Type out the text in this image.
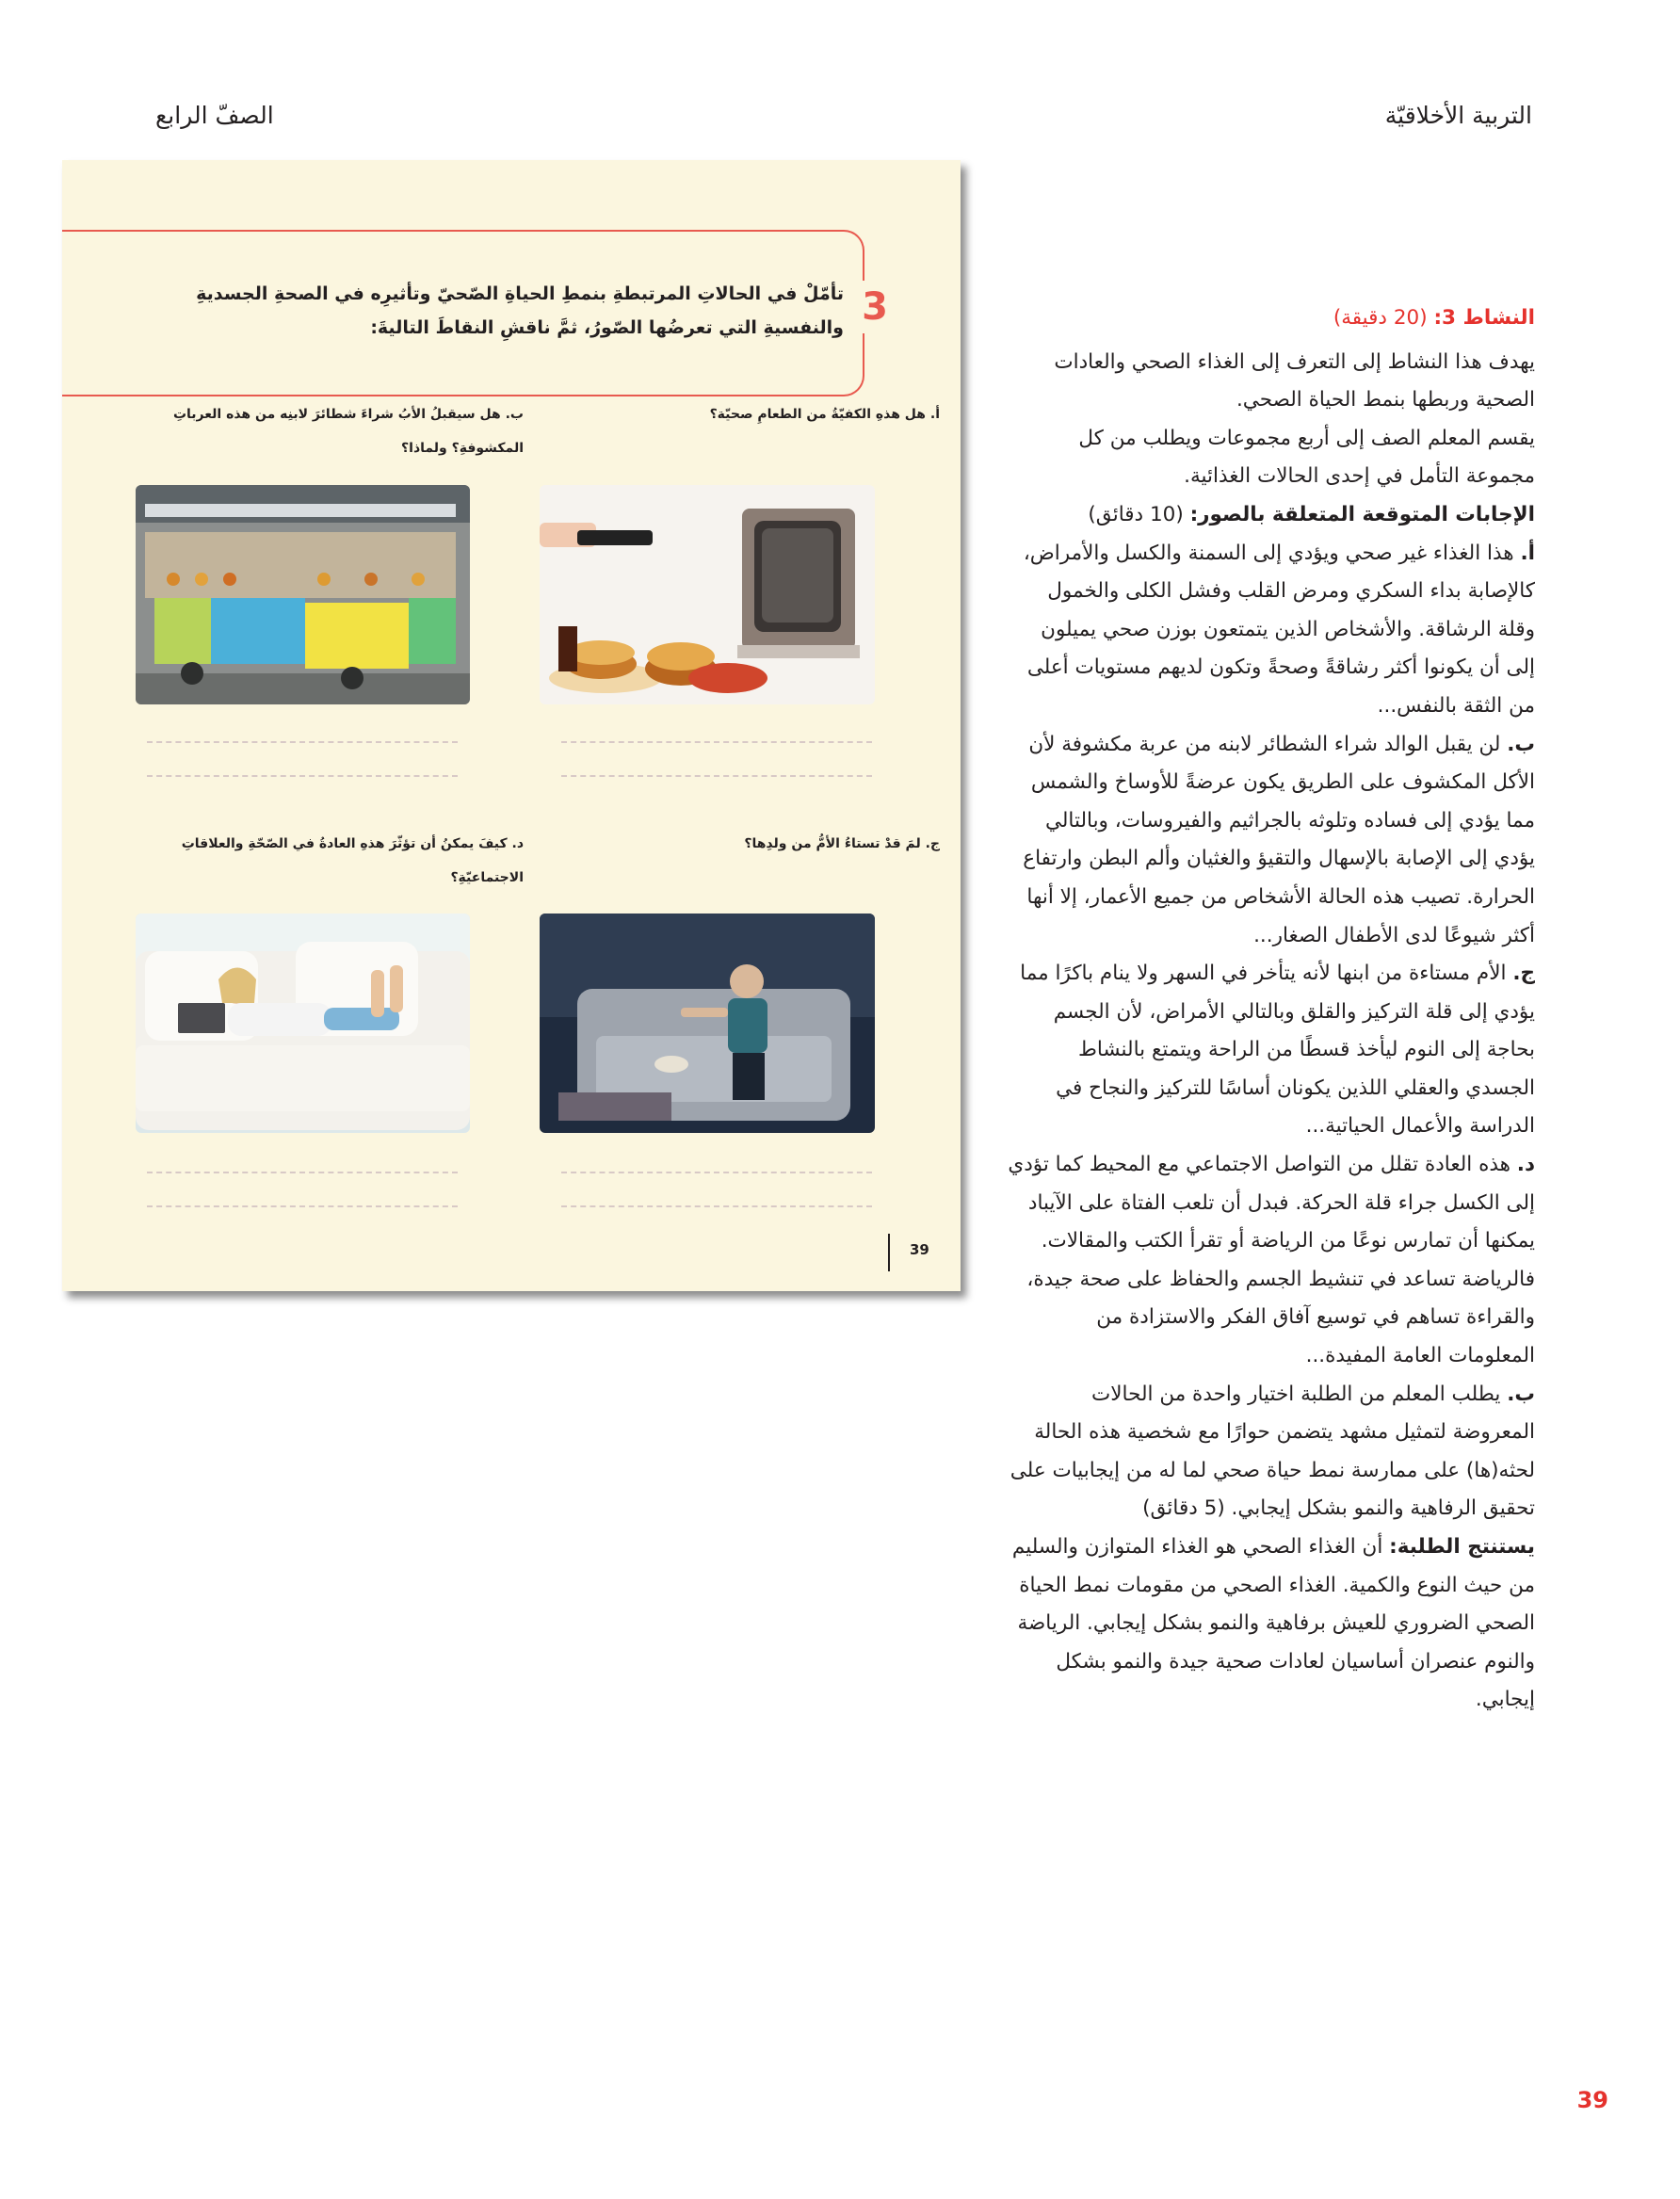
التربية الأخلاقيّة
الصفّ الرابع
3
تأمّلْ في الحالاتِ المرتبطةِ بنمطِ الحياةِ الصّحيّ وتأثيرِه في الصحةِ الجسديةِ والنفسيةِ التي تعرضُها الصّورُ، ثمَّ ناقشِ النقاطَ التاليةَ:
أ. هل هذهِ الكفيّةُ من الطعامِ صحيّة؟
ب. هل سيقبلُ الأبُ شراءَ شطائرَ لابنِه من هذه العرباتِ المكشوفةِ؟ ولماذا؟
ج. لمَ قدْ تستاءُ الأمُّ من ولدِها؟
د. كيفَ يمكنُ أن تؤثّرَ هذهِ العادةُ في الصّحّةِ والعلاقاتِ الاجتماعيّةِ؟
39

النشاط 3: (20 دقيقة)

يهدف هذا النشاط إلى التعرف إلى الغذاء الصحي والعادات الصحية وربطها بنمط الحياة الصحي.

يقسم المعلم الصف إلى أربع مجموعات ويطلب من كل مجموعة التأمل في إحدى الحالات الغذائية.

الإجابات المتوقعة المتعلقة بالصور: (10 دقائق)

أ. هذا الغذاء غير صحي ويؤدي إلى السمنة والكسل والأمراض، كالإصابة بداء السكري ومرض القلب وفشل الكلى والخمول وقلة الرشاقة. والأشخاص الذين يتمتعون بوزن صحي يميلون إلى أن يكونوا أكثر رشاقةً وصحةً وتكون لديهم مستويات أعلى من الثقة بالنفس...

ب. لن يقبل الوالد شراء الشطائر لابنه من عربة مكشوفة لأن الأكل المكشوف على الطريق يكون عرضةً للأوساخ والشمس مما يؤدي إلى فساده وتلوثه بالجراثيم والفيروسات، وبالتالي يؤدي إلى الإصابة بالإسهال والتقيؤ والغثيان وألم البطن وارتفاع الحرارة. تصيب هذه الحالة الأشخاص من جميع الأعمار، إلا أنها أكثر شيوعًا لدى الأطفال الصغار...

ج. الأم مستاءة من ابنها لأنه يتأخر في السهر ولا ينام باكرًا مما يؤدي إلى قلة التركيز والقلق وبالتالي الأمراض، لأن الجسم بحاجة إلى النوم ليأخذ قسطًا من الراحة ويتمتع بالنشاط الجسدي والعقلي اللذين يكونان أساسًا للتركيز والنجاح في الدراسة والأعمال الحياتية...

د. هذه العادة تقلل من التواصل الاجتماعي مع المحيط كما تؤدي إلى الكسل جراء قلة الحركة. فبدل أن تلعب الفتاة على الآيباد يمكنها أن تمارس نوعًا من الرياضة أو تقرأ الكتب والمقالات. فالرياضة تساعد في تنشيط الجسم والحفاظ على صحة جيدة، والقراءة تساهم في توسيع آفاق الفكر والاستزادة من المعلومات العامة المفيدة...

ب. يطلب المعلم من الطلبة اختيار واحدة من الحالات المعروضة لتمثيل مشهد يتضمن حوارًا مع شخصية هذه الحالة لحثه(ها) على ممارسة نمط حياة صحي لما له من إيجابيات على تحقيق الرفاهية والنمو بشكل إيجابي. (5 دقائق)

يستنتج الطلبة: أن الغذاء الصحي هو الغذاء المتوازن والسليم من حيث النوع والكمية. الغذاء الصحي من مقومات نمط الحياة الصحي الضروري للعيش برفاهية والنمو بشكل إيجابي. الرياضة والنوم عنصران أساسيان لعادات صحية جيدة والنمو بشكل إيجابي.

39
